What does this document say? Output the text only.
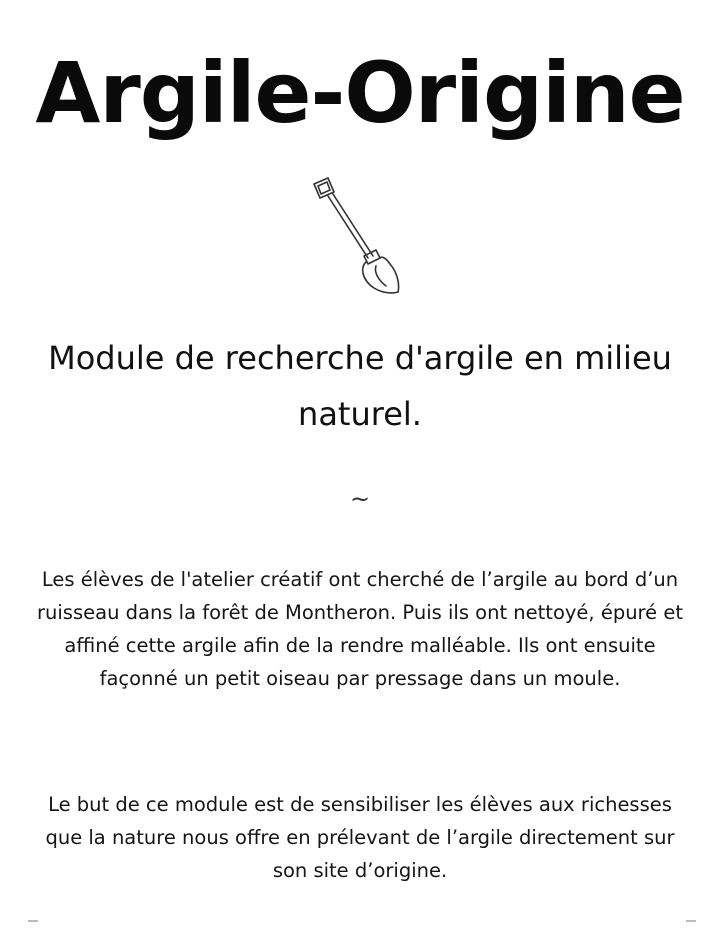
Argile-Origine

Module de recherche d'argile en milieu naturel.

~

Les élèves de l'atelier créatif ont cherché de l’argile au bord d’un ruisseau dans la forêt de Montheron. Puis ils ont nettoyé, épuré et affiné cette argile afin de la rendre malléable. Ils ont ensuite façonné un petit oiseau par pressage dans un moule.

Le but de ce module est de sensibiliser les élèves aux richesses que la nature nous offre en prélevant de l’argile directement sur son site d’origine.
